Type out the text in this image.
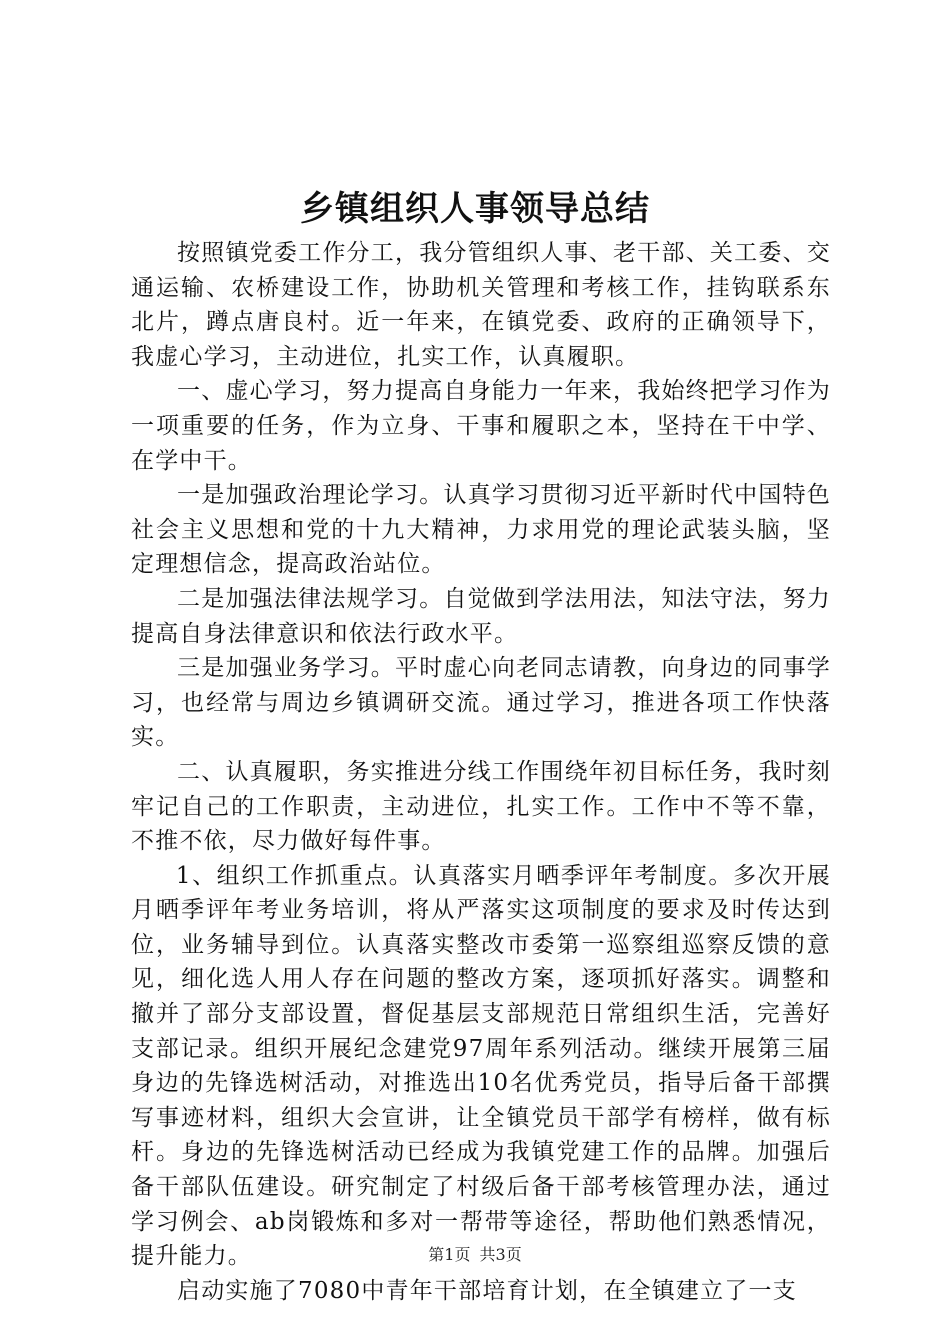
乡镇组织人事领导总结

按照镇党委工作分工，我分管组织人事、老干部、关工委、交通运输、农桥建设工作，协助机关管理和考核工作，挂钩联系东北片，蹲点唐良村。近一年来，在镇党委、政府的正确领导下，我虚心学习，主动进位，扎实工作，认真履职。

一、虚心学习，努力提高自身能力一年来，我始终把学习作为一项重要的任务，作为立身、干事和履职之本，坚持在干中学、在学中干。

一是加强政治理论学习。认真学习贯彻习近平新时代中国特色社会主义思想和党的十九大精神，力求用党的理论武装头脑，坚定理想信念，提高政治站位。

二是加强法律法规学习。自觉做到学法用法，知法守法，努力提高自身法律意识和依法行政水平。

三是加强业务学习。平时虚心向老同志请教，向身边的同事学习，也经常与周边乡镇调研交流。通过学习，推进各项工作快落实。

二、认真履职，务实推进分线工作围绕年初目标任务，我时刻牢记自己的工作职责，主动进位，扎实工作。工作中不等不靠，不推不依，尽力做好每件事。

1、组织工作抓重点。认真落实月晒季评年考制度。多次开展月晒季评年考业务培训，将从严落实这项制度的要求及时传达到位，业务辅导到位。认真落实整改市委第一巡察组巡察反馈的意见，细化选人用人存在问题的整改方案，逐项抓好落实。调整和撤并了部分支部设置，督促基层支部规范日常组织生活，完善好支部记录。组织开展纪念建党97周年系列活动。继续开展第三届身边的先锋选树活动，对推选出10名优秀党员，指导后备干部撰写事迹材料，组织大会宣讲，让全镇党员干部学有榜样，做有标杆。身边的先锋选树活动已经成为我镇党建工作的品牌。加强后备干部队伍建设。研究制定了村级后备干部考核管理办法，通过学习例会、ab岗锻炼和多对一帮带等途径，帮助他们熟悉情况，提升能力。

启动实施了7080中青年干部培育计划，在全镇建立了一支

第1页 共3页
